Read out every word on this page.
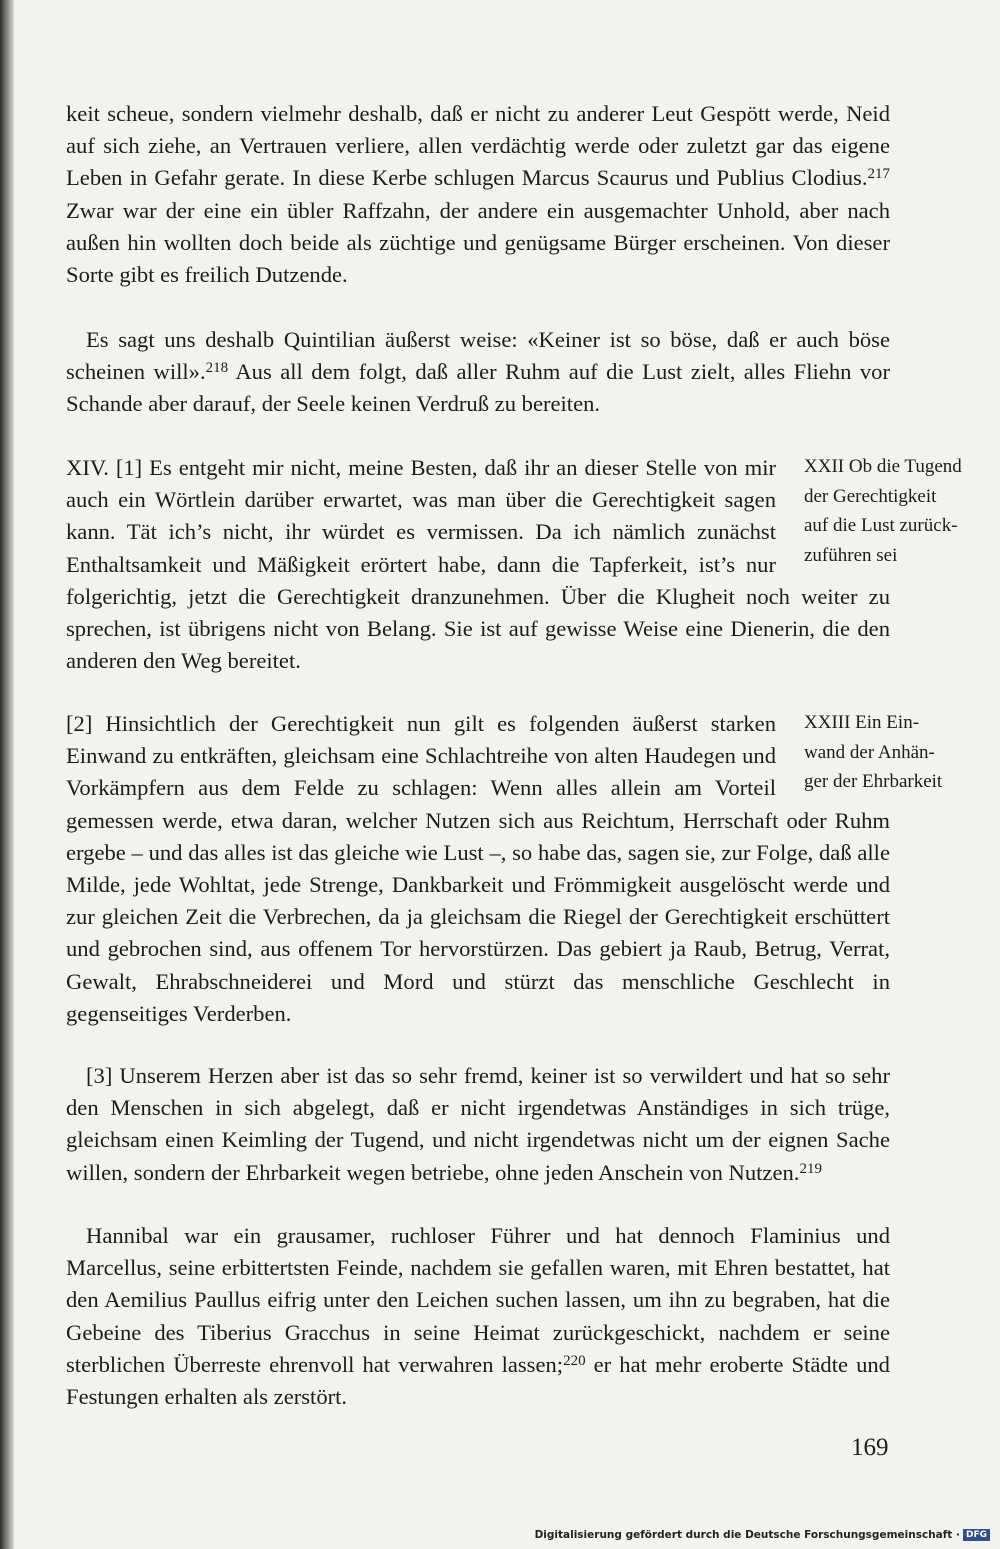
keit scheue, sondern vielmehr deshalb, daß er nicht zu anderer Leut Gespött werde, Neid auf sich ziehe, an Vertrauen verliere, allen verdächtig werde oder zuletzt gar das eigene Leben in Gefahr gerate. In diese Kerbe schlugen Marcus Scaurus und Publius Clodius.$^{217}$ Zwar war der eine ein übler Raffzahn, der andere ein ausgemachter Unhold, aber nach außen hin wollten doch beide als züchtige und genügsame Bürger erscheinen. Von dieser Sorte gibt es freilich Dutzende.

Es sagt uns deshalb Quintilian äußerst weise: «Keiner ist so böse, daß er auch böse scheinen will».$^{218}$ Aus all dem folgt, daß aller Ruhm auf die Lust zielt, alles Fliehn vor Schande aber darauf, der Seele keinen Verdruß zu bereiten.

XXII Ob die Tugend
der Gerechtigkeit
auf die Lust zurück-
zuführen sei
XIV. [1] Es entgeht mir nicht, meine Besten, daß ihr an dieser Stelle von mir auch ein Wörtlein darüber erwartet, was man über die Gerechtigkeit sagen kann. Tät ich’s nicht, ihr würdet es vermissen. Da ich nämlich zunächst Enthaltsamkeit und Mäßigkeit erörtert habe, dann die Tapferkeit, ist’s nur folgerichtig, jetzt die Gerechtigkeit dranzunehmen. Über die Klugheit noch weiter zu sprechen, ist übrigens nicht von Belang. Sie ist auf gewisse Weise eine Dienerin, die den anderen den Weg bereitet.

XXIII Ein Ein-
wand der Anhän-
ger der Ehrbarkeit
[2] Hinsichtlich der Gerechtigkeit nun gilt es folgenden äußerst starken Einwand zu entkräften, gleichsam eine Schlachtreihe von alten Haudegen und Vorkämpfern aus dem Felde zu schlagen: Wenn alles allein am Vorteil gemessen werde, etwa daran, welcher Nutzen sich aus Reichtum, Herrschaft oder Ruhm ergebe – und das alles ist das gleiche wie Lust –, so habe das, sagen sie, zur Folge, daß alle Milde, jede Wohltat, jede Strenge, Dankbarkeit und Frömmigkeit ausgelöscht werde und zur gleichen Zeit die Verbrechen, da ja gleichsam die Riegel der Gerechtigkeit erschüttert und gebrochen sind, aus offenem Tor hervorstürzen. Das gebiert ja Raub, Betrug, Verrat, Gewalt, Ehrabschneiderei und Mord und stürzt das menschliche Geschlecht in gegenseitiges Verderben.

[3] Unserem Herzen aber ist das so sehr fremd, keiner ist so verwildert und hat so sehr den Menschen in sich abgelegt, daß er nicht irgendetwas Anständiges in sich trüge, gleichsam einen Keimling der Tugend, und nicht irgendetwas nicht um der eignen Sache willen, sondern der Ehrbarkeit wegen betriebe, ohne jeden Anschein von Nutzen.$^{219}$

Hannibal war ein grausamer, ruchloser Führer und hat dennoch Flaminius und Marcellus, seine erbittertsten Feinde, nachdem sie gefallen waren, mit Ehren bestattet, hat den Aemilius Paullus eifrig unter den Leichen suchen lassen, um ihn zu begraben, hat die Gebeine des Tiberius Gracchus in seine Heimat zurückgeschickt, nachdem er seine sterblichen Überreste ehrenvoll hat verwahren lassen;$^{220}$ er hat mehr eroberte Städte und Festungen erhalten als zerstört.

169
Digitalisierung gefördert durch die Deutsche Forschungsgemeinschaft · DFG
